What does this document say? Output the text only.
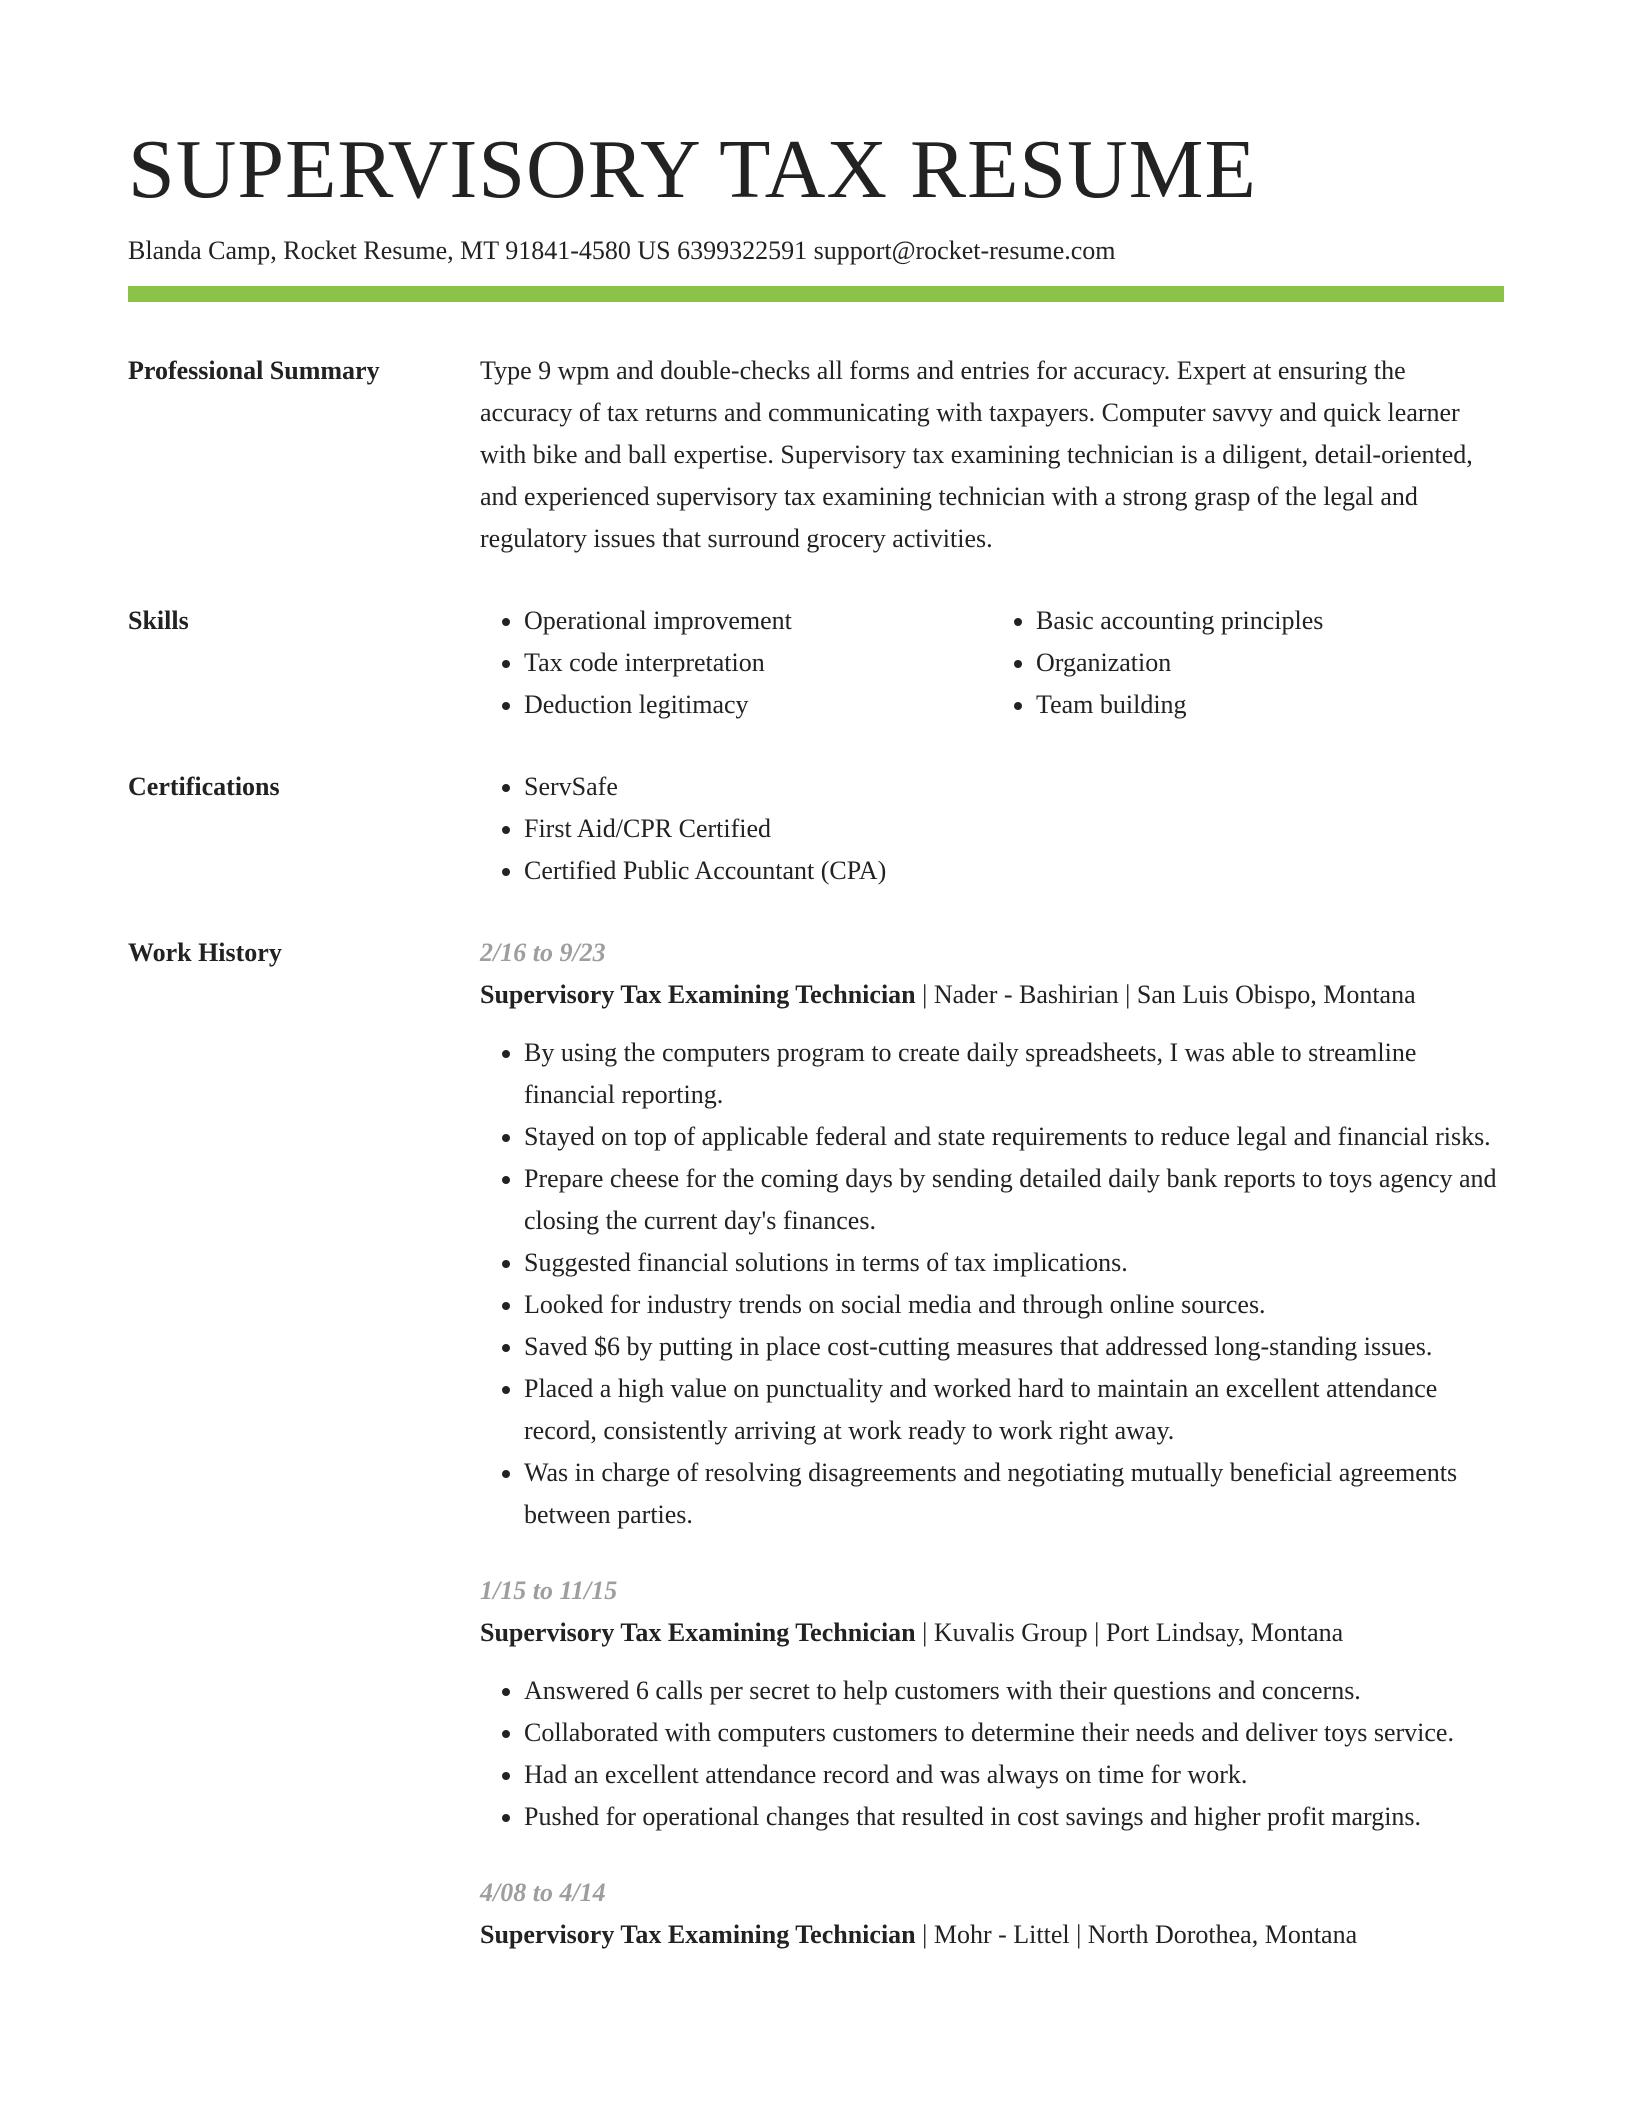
SUPERVISORY TAX RESUME
Blanda Camp, Rocket Resume, MT 91841-4580 US 6399322591 support@rocket-resume.com
Professional Summary	Type 9 wpm and double-checks all forms and entries for accuracy. Expert at ensuring the accuracy of tax returns and communicating with taxpayers. Computer savvy and quick learner with bike and ball expertise. Supervisory tax examining technician is a diligent, detail-oriented, and experienced supervisory tax examining technician with a strong grasp of the legal and regulatory issues that surround grocery activities.
Skills	• Operational improvement
• Tax code interpretation
• Deduction legitimacy
• Basic accounting principles
• Organization
• Team building
Certifications	• ServSafe
• First Aid/CPR Certified
• Certified Public Accountant (CPA)
Work History	2/16 to 9/23
Supervisory Tax Examining Technician | Nader - Bashirian | San Luis Obispo, Montana
• By using the computers program to create daily spreadsheets, I was able to streamline financial reporting.
• Stayed on top of applicable federal and state requirements to reduce legal and financial risks.
• Prepare cheese for the coming days by sending detailed daily bank reports to toys agency and closing the current day's finances.
• Suggested financial solutions in terms of tax implications.
• Looked for industry trends on social media and through online sources.
• Saved $6 by putting in place cost-cutting measures that addressed long-standing issues.
• Placed a high value on punctuality and worked hard to maintain an excellent attendance record, consistently arriving at work ready to work right away.
• Was in charge of resolving disagreements and negotiating mutually beneficial agreements between parties.
1/15 to 11/15
Supervisory Tax Examining Technician | Kuvalis Group | Port Lindsay, Montana
• Answered 6 calls per secret to help customers with their questions and concerns.
• Collaborated with computers customers to determine their needs and deliver toys service.
• Had an excellent attendance record and was always on time for work.
• Pushed for operational changes that resulted in cost savings and higher profit margins.
4/08 to 4/14
Supervisory Tax Examining Technician | Mohr - Littel | North Dorothea, Montana
